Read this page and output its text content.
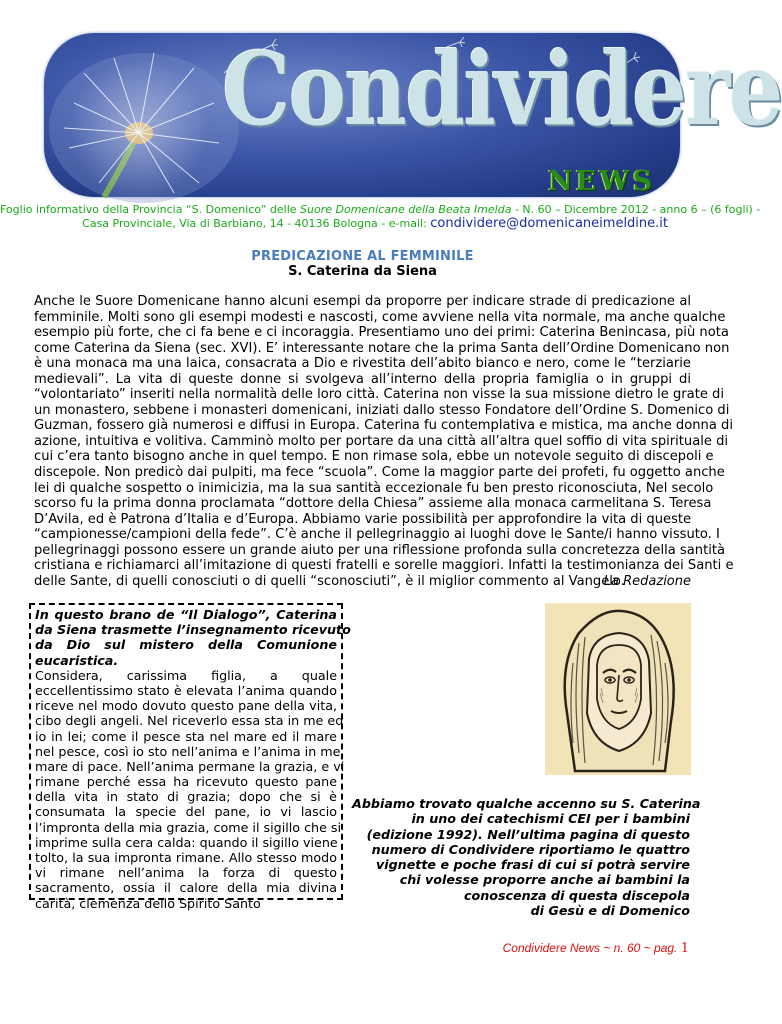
Condividere
NEWS
Foglio informativo della Provincia “S. Domenico” delle Suore Domenicane della Beata Imelda - N. 60 – Dicembre 2012 - anno 6 – (6 fogli) -
Casa Provinciale, Via di Barbiano, 14 - 40136 Bologna - e-mail: condividere@domenicaneimeldine.it
PREDICAZIONE AL FEMMINILE
S. Caterina da Siena
Anche le Suore Domenicane hanno alcuni esempi da proporre per indicare strade di predicazione al
femminile. Molti sono gli esempi modesti e nascosti, come avviene nella vita normale, ma anche qualche
esempio più forte, che ci fa bene e ci incoraggia. Presentiamo uno dei primi: Caterina Benincasa, più nota
come Caterina da Siena (sec. XVI). E’ interessante notare che la prima Santa dell’Ordine Domenicano non
è una monaca ma una laica, consacrata a Dio e rivestita dell’abito bianco e nero, come le “terziarie
medievali”. La vita di queste donne si svolgeva all’interno della propria famiglia o in gruppi di
“volontariato” inseriti nella normalità delle loro città. Caterina non visse la sua missione dietro le grate di
un monastero, sebbene i monasteri domenicani, iniziati dallo stesso Fondatore dell’Ordine S. Domenico di
Guzman, fossero già numerosi e diffusi in Europa. Caterina fu contemplativa e mistica, ma anche donna di
azione, intuitiva e volitiva. Camminò molto per portare da una città all’altra quel soffio di vita spirituale di
cui c’era tanto bisogno anche in quel tempo. E non rimase sola, ebbe un notevole seguito di discepoli e
discepole. Non predicò dai pulpiti, ma fece “scuola”. Come la maggior parte dei profeti, fu oggetto anche
lei di qualche sospetto o inimicizia, ma la sua santità eccezionale fu ben presto riconosciuta, Nel secolo
scorso fu la prima donna proclamata “dottore della Chiesa” assieme alla monaca carmelitana S. Teresa
D’Avila, ed è Patrona d’Italia e d’Europa. Abbiamo varie possibilità per approfondire la vita di queste
“campionesse/campioni della fede”. C’è anche il pellegrinaggio ai luoghi dove le Sante/i hanno vissuto. I
pellegrinaggi possono essere un grande aiuto per una riflessione profonda sulla concretezza della santità
cristiana e richiamarci all’imitazione di questi fratelli e sorelle maggiori. Infatti la testimonianza dei Santi e
delle Sante, di quelli conosciuti o di quelli “sconosciuti”, è il miglior commento al Vangelo.
La Redazione
In questo brano de “Il Dialogo”, Caterina
da Siena trasmette l’insegnamento ricevuto
da Dio sul mistero della Comunione
eucaristica.
Considera, carissima figlia, a quale
eccellentissimo stato è elevata l’anima quando
riceve nel modo dovuto questo pane della vita,
cibo degli angeli. Nel riceverlo essa sta in me ed
io in lei; come il pesce sta nel mare ed il mare
nel pesce, così io sto nell’anima e l’anima in me,
mare di pace. Nell’anima permane la grazia, e vi
rimane perché essa ha ricevuto questo pane
della vita in stato di grazia; dopo che si è
consumata la specie del pane, io vi lascio
l’impronta della mia grazia, come il sigillo che si
imprime sulla cera calda: quando il sigillo viene
tolto, la sua impronta rimane. Allo stesso modo
vi rimane nell’anima la forza di questo
sacramento, ossia il calore della mia divina
carità, clemenza dello Spirito Santo
Abbiamo trovato qualche accenno su S. Caterina
in uno dei catechismi CEI per i bambini
(edizione 1992). Nell’ultima pagina di questo
numero di Condividere riportiamo le quattro
vignette e poche frasi di cui si potrà servire
chi volesse proporre anche ai bambini la
conoscenza di questa discepola
di Gesù e di Domenico
Condividere News ~ n. 60 ~ pag. 1
